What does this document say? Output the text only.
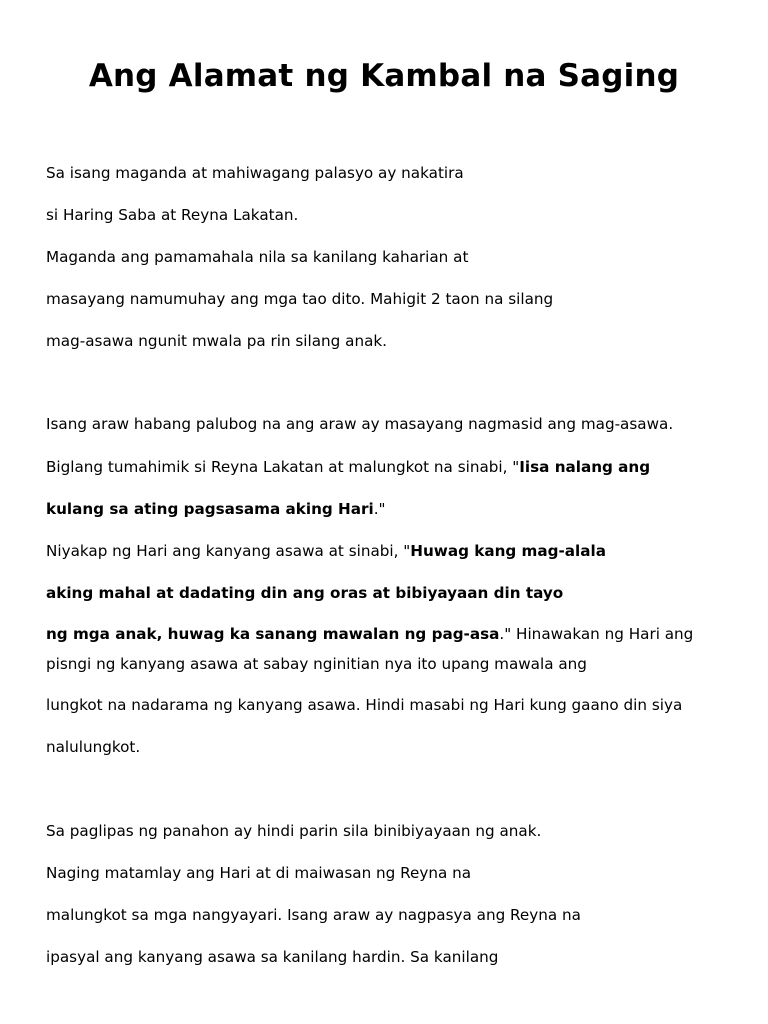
Ang Alamat ng Kambal na Saging

Sa isang maganda at mahiwagang palasyo ay nakatira

si Haring Saba at Reyna Lakatan.

Maganda ang pamamahala nila sa kanilang kaharian at

masayang namumuhay ang mga tao dito. Mahigit 2 taon na silang

mag-asawa ngunit mwala pa rin silang anak.

Isang araw habang palubog na ang araw ay masayang nagmasid ang mag-asawa.

Biglang tumahimik si Reyna Lakatan at malungkot na sinabi, "Iisa nalang ang

kulang sa ating pagsasama aking Hari."

Niyakap ng Hari ang kanyang asawa at sinabi, "Huwag kang mag-alala

aking mahal at dadating din ang oras at bibiyayaan din tayo

ng mga anak, huwag ka sanang mawalan ng pag-asa." Hinawakan ng Hari ang

pisngi ng kanyang asawa at sabay nginitian nya ito upang mawala ang

lungkot na nadarama ng kanyang asawa. Hindi masabi ng Hari kung gaano din siya

nalulungkot.

Sa paglipas ng panahon ay hindi parin sila binibiyayaan ng anak.

Naging matamlay ang Hari at di maiwasan ng Reyna na

malungkot sa mga nangyayari. Isang araw ay nagpasya ang Reyna na

ipasyal ang kanyang asawa sa kanilang hardin. Sa kanilang
